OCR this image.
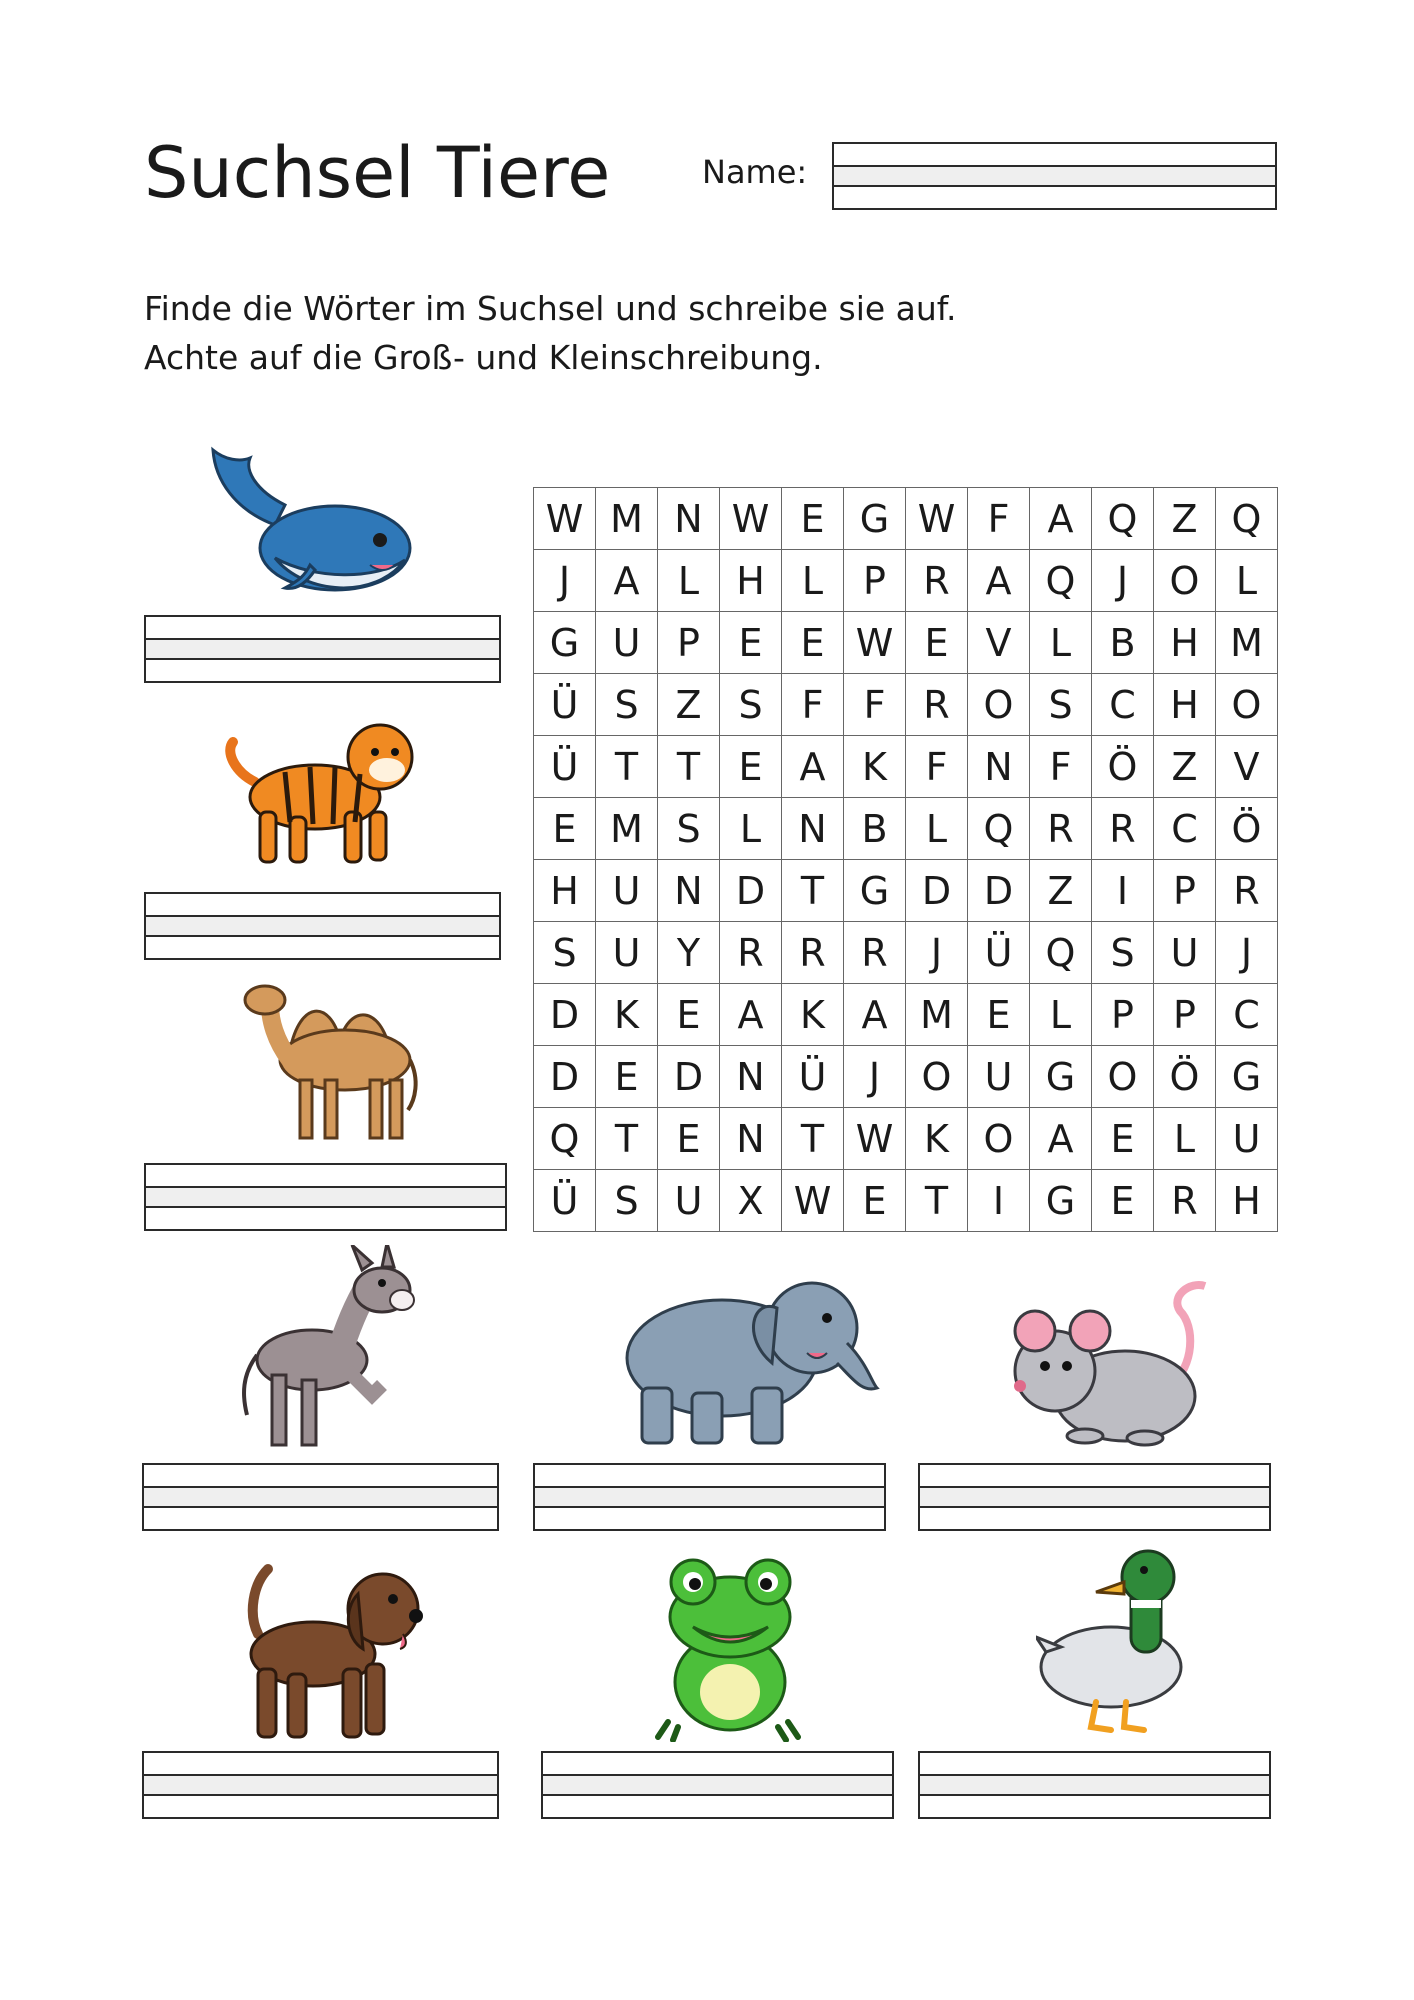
Suchsel Tiere	Name:
Finde die Wörter im Suchsel und schreibe sie auf.
Achte auf die Groß- und Kleinschreibung.
W M N W E G W F	A Q Z Q
J	A	L H L	P R A Q	J	O L
G U P	E E W E V	L	B H M
Ü S Z S	F	F R O S C H O
Ü T	T	E A K	F N F Ö Z V
E M S	L N B	L Q R R C Ö
H U N D T G D D Z	I	P R
S U Y R R R	J	Ü Q S U	J
D K E A K A M E	L	P	P C
D E D N Ü	J	O U G O Ö G
Q T	E N T W K O A E	L U
Ü S U X W E	T	I	G E R H
